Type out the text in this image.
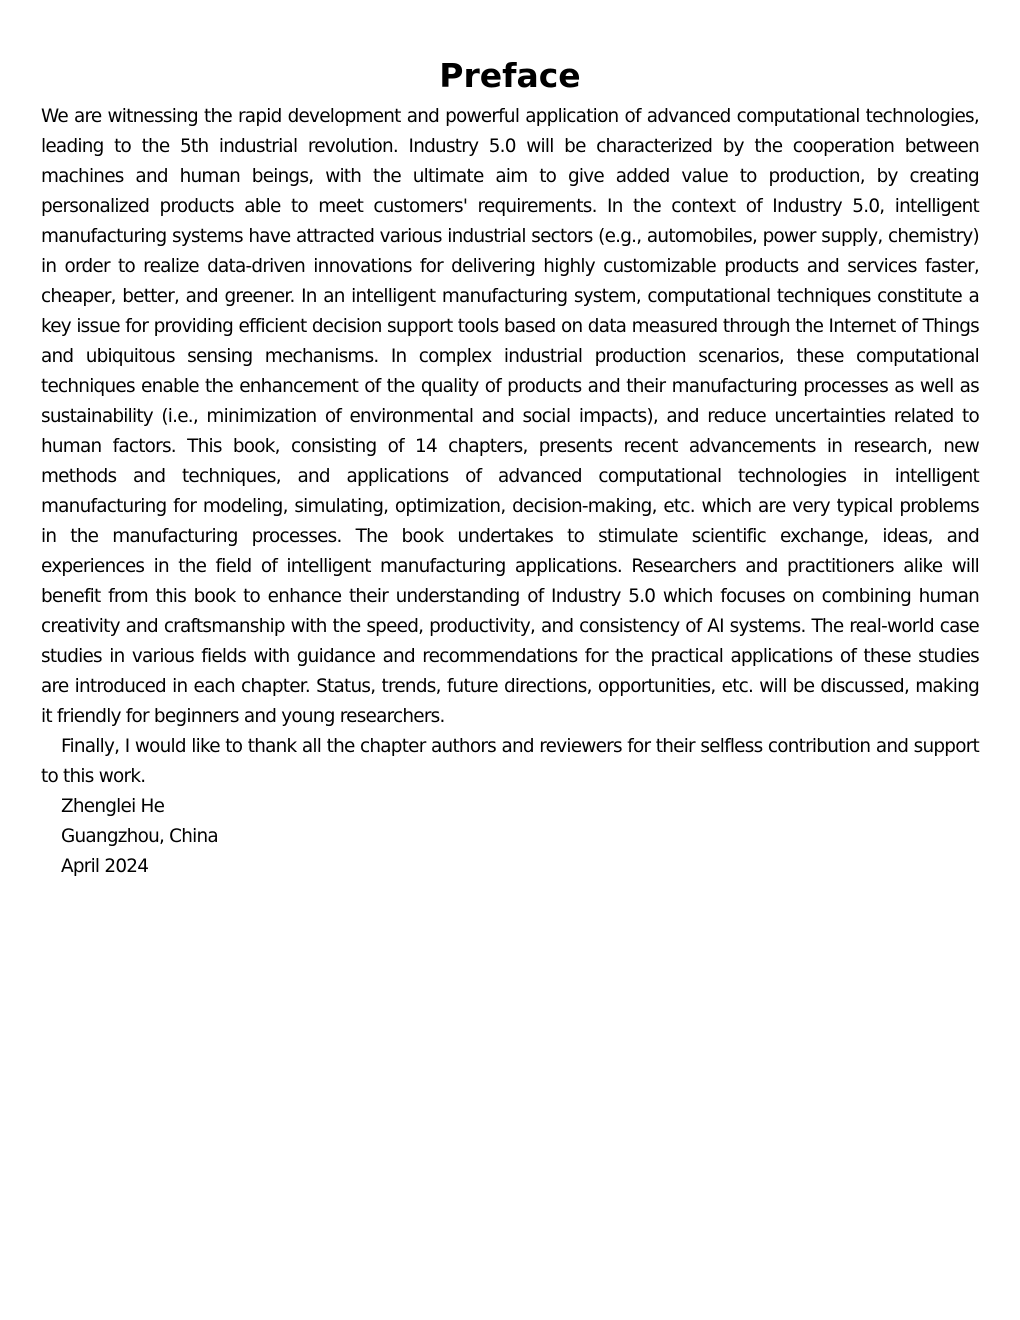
Preface

We are witnessing the rapid development and powerful application of advanced computational technologies, leading to the 5th industrial revolution. Industry 5.0 will be characterized by the cooperation between machines and human beings, with the ultimate aim to give added value to production, by creating personalized products able to meet customers' requirements. In the context of Industry 5.0, intelligent manufacturing systems have attracted various industrial sectors (e.g., automobiles, power supply, chemistry) in order to realize data-driven innovations for delivering highly customizable products and services faster, cheaper, better, and greener. In an intelligent manufacturing system, computational techniques constitute a key issue for providing efficient decision support tools based on data measured through the Internet of Things and ubiquitous sensing mechanisms. In complex industrial production scenarios, these computational techniques enable the enhancement of the quality of products and their manufacturing processes as well as sustainability (i.e., minimization of environmental and social impacts), and reduce uncertainties related to human factors. This book, consisting of 14 chapters, presents recent advancements in research, new methods and techniques, and applications of advanced computational technologies in intelligent manufacturing for modeling, simulating, optimization, decision-making, etc. which are very typical problems in the manufacturing processes. The book undertakes to stimulate scientific exchange, ideas, and experiences in the field of intelligent manufacturing applications. Researchers and practitioners alike will benefit from this book to enhance their understanding of Industry 5.0 which focuses on combining human creativity and craftsmanship with the speed, productivity, and consistency of AI systems. The real-world case studies in various fields with guidance and recommendations for the practical applications of these studies are introduced in each chapter. Status, trends, future directions, opportunities, etc. will be discussed, making it friendly for beginners and young researchers.

Finally, I would like to thank all the chapter authors and reviewers for their selfless contribution and support to this work.

Zhenglei He

Guangzhou, China

April 2024
